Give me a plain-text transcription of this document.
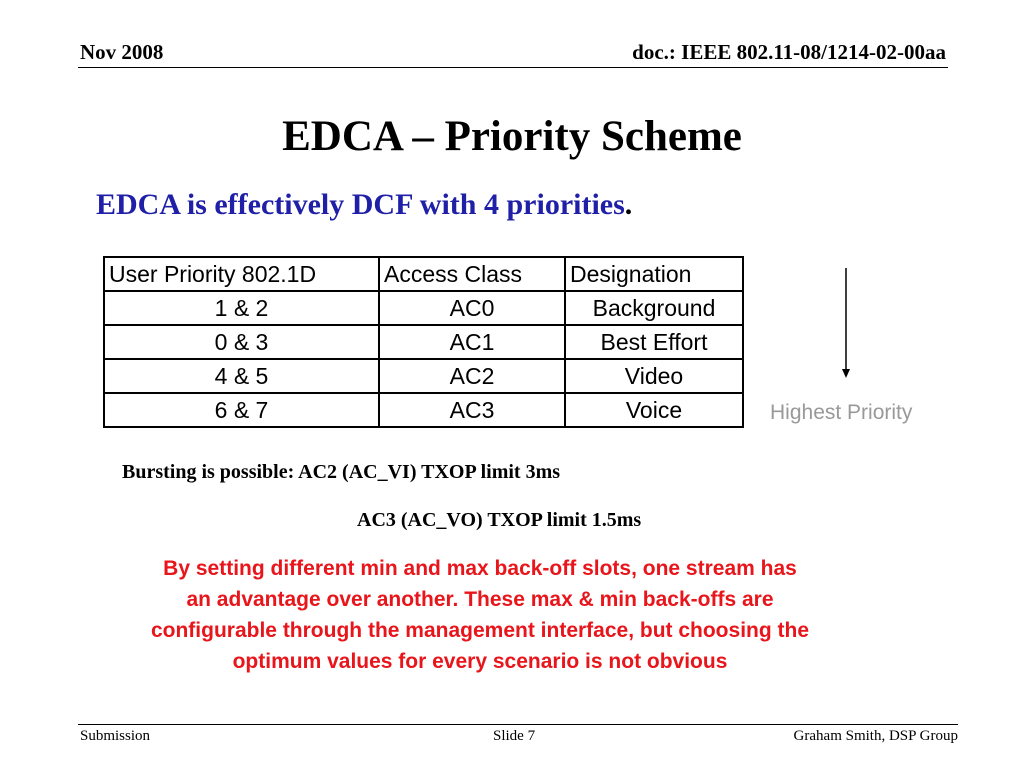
Nov 2008	doc.: IEEE 802.11-08/1214-02-00aa
EDCA – Priority Scheme
EDCA is effectively DCF with 4 priorities.
User Priority 802.1D	Access Class	Designation
1 & 2	AC0	Background
0 & 3	AC1	Best Effort
4 & 5	AC2	Video
6 & 7	AC3	Voice	Highest Priority
Bursting is possible: AC2 (AC_VI) TXOP limit 3ms
AC3 (AC_VO) TXOP limit 1.5ms
By setting different min and max back-off slots, one stream has
an advantage over another. These max & min back-offs are
configurable through the management interface, but choosing the
optimum values for every scenario is not obvious
Submission	Slide 7	Graham Smith, DSP Group
